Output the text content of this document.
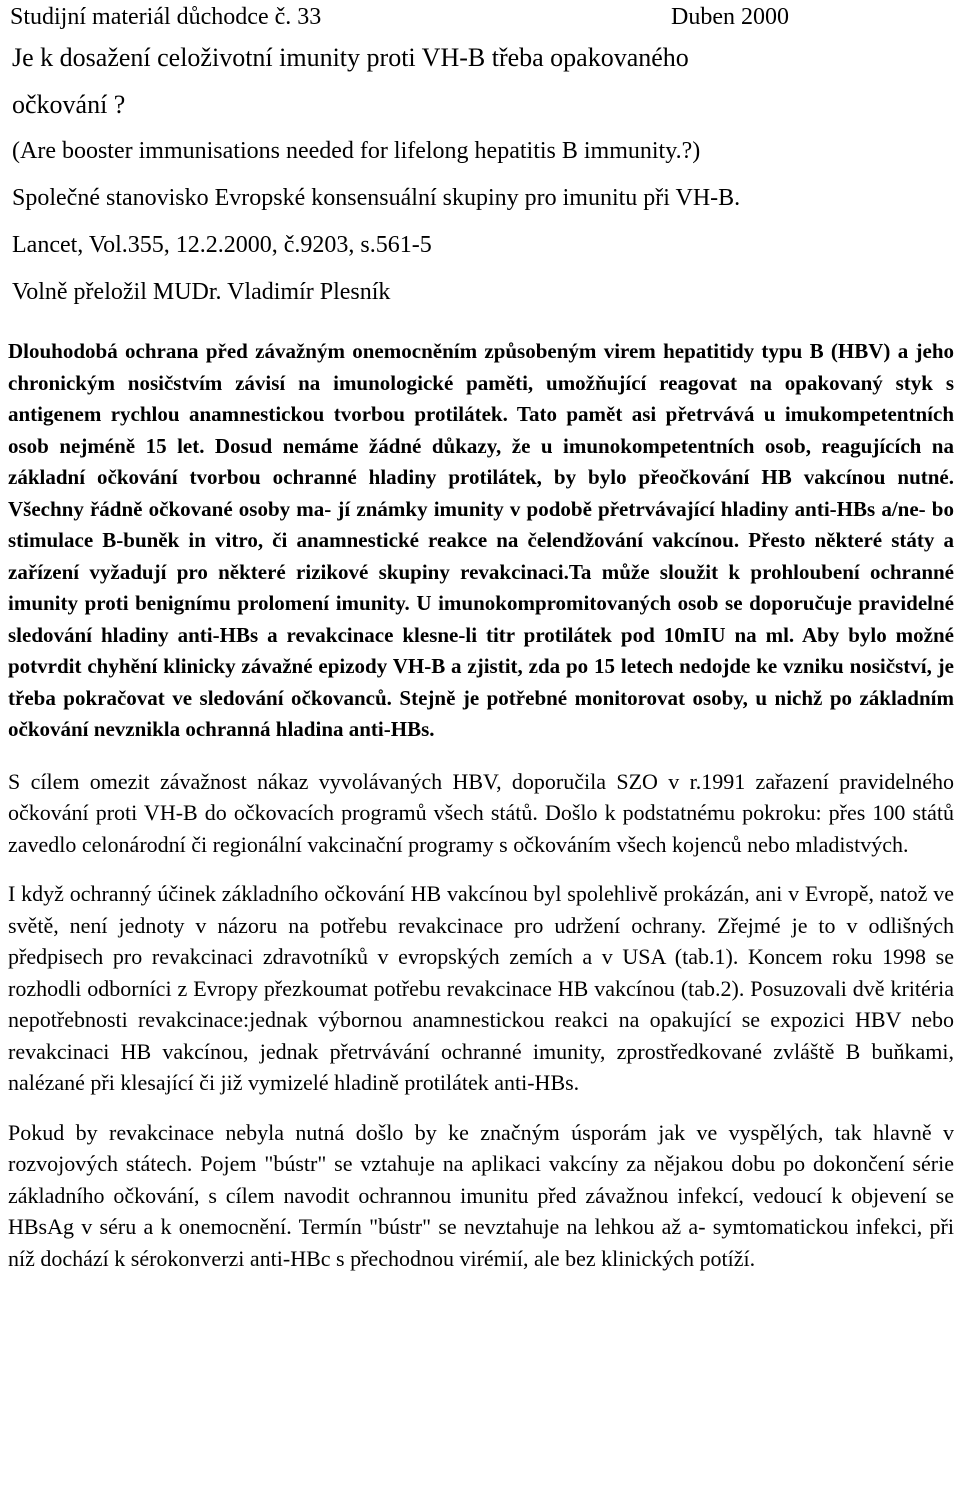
Studijní materiál důchodce č. 33	Duben 2000
Je k dosažení celoživotní imunity proti VH-B třeba opakovaného
očkování ?
(Are booster immunisations needed for lifelong hepatitis B immunity.?)
Společné stanovisko Evropské konsensuální skupiny pro imunitu při VH-B.
Lancet, Vol.355, 12.2.2000, č.9203, s.561-5
Volně přeložil MUDr. Vladimír Plesník

Dlouhodobá ochrana před závažným onemocněním způsobeným virem hepatitidy typu B (HBV) a jeho chronickým nosičstvím závisí na imunologické paměti, umožňující reagovat na opakovaný styk s antigenem rychlou anamnestickou tvorbou protilátek. Tato pamět asi přetrvává u imukompetentních osob nejméně 15 let. Dosud nemáme žádné důkazy, že u imunokompetentních osob, reagujících na základní očkování tvorbou ochranné hladiny protilátek, by bylo přeočkování HB vakcínou nutné. Všechny řádně očkované osoby ma- jí známky imunity v podobě přetrvávající hladiny anti-HBs a/ne- bo stimulace B-buněk in vitro, či anamnestické reakce na čelendžování vakcínou. Přesto některé státy a zařízení vyžadují pro některé rizikové skupiny revakcinaci.Ta může sloužit k prohloubení ochranné imunity proti benignímu prolomení imunity. U imunokompromitovaných osob se doporučuje pravidelné sledování hladiny anti-HBs a revakcinace klesne-li titr protilátek pod 10mIU na ml. Aby bylo možné potvrdit chyhění klinicky závažné epizody VH-B a zjistit, zda po 15 letech nedojde ke vzniku nosičství, je třeba pokračovat ve sledování očkovanců. Stejně je potřebné monitorovat osoby, u nichž po základním očkování nevznikla ochranná hladina anti-HBs.

S cílem omezit závažnost nákaz vyvolávaných HBV, doporučila SZO v r.1991 zařazení pravidelného očkování proti VH-B do očkovacích programů všech států. Došlo k podstatnému pokroku: přes 100 států zavedlo celonárodní či regionální vakcinační programy s očkováním všech kojenců nebo mladistvých.

I když ochranný účinek základního očkování HB vakcínou byl spolehlivě prokázán, ani v Evropě, natož ve světě, není jednoty v názoru na potřebu revakcinace pro udržení ochrany. Zřejmé je to v odlišných předpisech pro revakcinaci zdravotníků v evropských zemích a v USA (tab.1). Koncem roku 1998 se rozhodli odborníci z Evropy přezkoumat potřebu revakcinace HB vakcínou (tab.2). Posuzovali dvě kritéria nepotřebnosti revakcinace:jednak výbornou anamnestickou reakci na opakující se expozici HBV nebo revakcinaci HB vakcínou, jednak přetrvávání ochranné imunity, zprostředkované zvláště B buňkami, nalézané při klesající či již vymizelé hladině protilátek anti-HBs.

Pokud by revakcinace nebyla nutná došlo by ke značným úsporám jak ve vyspělých, tak hlavně v rozvojových státech. Pojem "bústr" se vztahuje na aplikaci vakcíny za nějakou dobu po dokončení série základního očkování, s cílem navodit ochrannou imunitu před závažnou infekcí, vedoucí k objevení se HBsAg v séru a k onemocnění. Termín "bústr" se nevztahuje na lehkou až a- symtomatickou infekci, při níž dochází k sérokonverzi anti-HBc s přechodnou virémií, ale bez klinických potíží.
